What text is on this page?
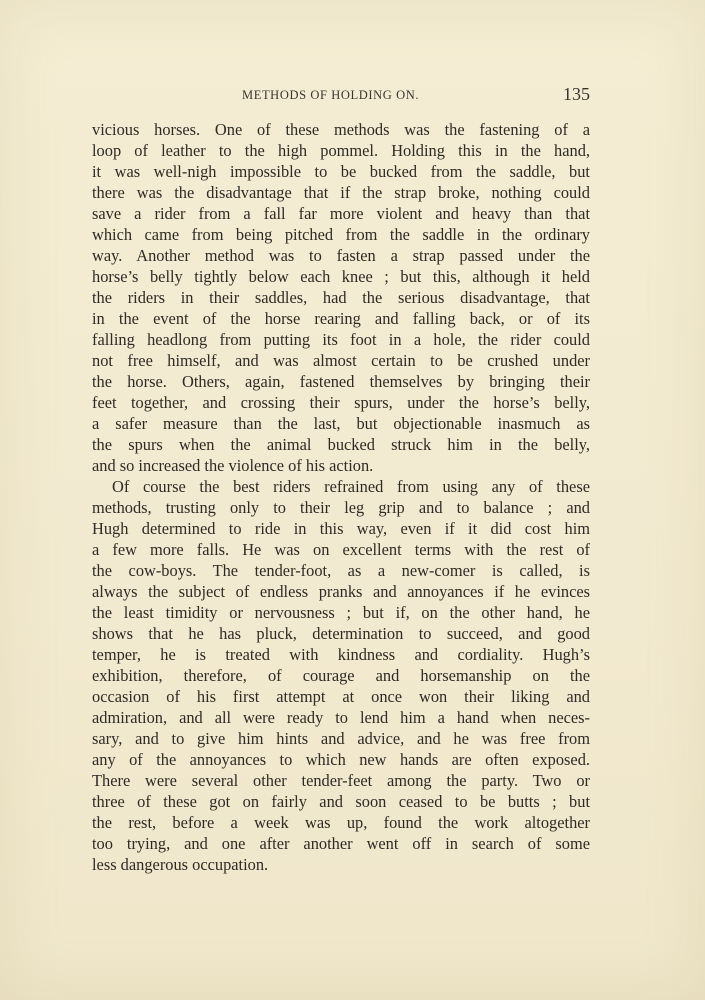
METHODS OF HOLDING ON.	135
vicious horses. One of these methods was the fastening of a
loop of leather to the high pommel. Holding this in the hand,
it was well-nigh impossible to be bucked from the saddle, but
there was the disadvantage that if the strap broke, nothing could
save a rider from a fall far more violent and heavy than that
which came from being pitched from the saddle in the ordinary
way. Another method was to fasten a strap passed under the
horse’s belly tightly below each knee ; but this, although it held
the riders in their saddles, had the serious disadvantage, that
in the event of the horse rearing and falling back, or of its
falling headlong from putting its foot in a hole, the rider could
not free himself, and was almost certain to be crushed under
the horse. Others, again, fastened themselves by bringing their
feet together, and crossing their spurs, under the horse’s belly,
a safer measure than the last, but objectionable inasmuch as
the spurs when the animal bucked struck him in the belly,
and so increased the violence of his action.
Of course the best riders refrained from using any of these
methods, trusting only to their leg grip and to balance ; and
Hugh determined to ride in this way, even if it did cost him
a few more falls. He was on excellent terms with the rest of
the cow-boys. The tender-foot, as a new-comer is called, is
always the subject of endless pranks and annoyances if he evinces
the least timidity or nervousness ; but if, on the other hand, he
shows that he has pluck, determination to succeed, and good
temper, he is treated with kindness and cordiality. Hugh’s
exhibition, therefore, of courage and horsemanship on the
occasion of his first attempt at once won their liking and
admiration, and all were ready to lend him a hand when neces-
sary, and to give him hints and advice, and he was free from
any of the annoyances to which new hands are often exposed.
There were several other tender-feet among the party. Two or
three of these got on fairly and soon ceased to be butts ; but
the rest, before a week was up, found the work altogether
too trying, and one after another went off in search of some
less dangerous occupation.
